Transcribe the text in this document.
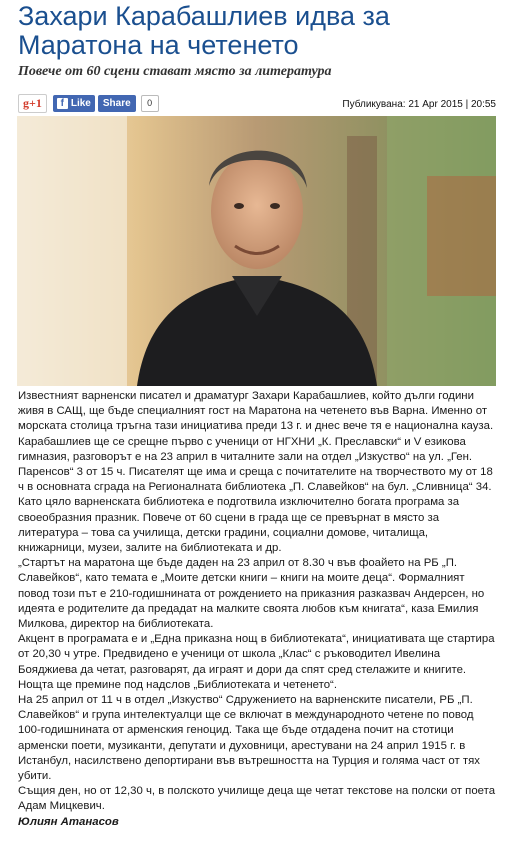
Захари Карабашлиев идва за Маратона на четенето
Повече от 60 сцени стават място за литература
g+1	f Like	Share	0	Публикувана: 21 Apr 2015 | 20:55

Известният варненски писател и драматург Захари Карабашлиев, който дълги години живя в САЩ, ще бъде специалният гост на Маратона на четенето във Варна. Именно от морската столица тръгна тази инициатива преди 13 г. и днес вече тя е национална кауза. Карабашлиев ще се срещне първо с ученици от НГХНИ „К. Преславски“ и V езикова гимназия, разговорът е на 23 април в читалните зали на отдел „Изкуство“ на ул. „Ген. Паренсов“ 3 от 15 ч. Писателят ще има и среща с почитателите на творчеството му от 18 ч в основната сграда на Регионалната библиотека „П. Славейков“ на бул. „Сливница“ 34.

Като цяло варненската библиотека е подготвила изключително богата програма за своеобразния празник. Повече от 60 сцени в града ще се превърнат в място за литература – това са училища, детски градини, социални домове, читалища, книжарници, музеи, залите на библиотеката и др.

„Стартът на маратона ще бъде даден на 23 април от 8.30 ч във фоайето на РБ „П. Славейков“, като темата е „Моите детски книги – книги на моите деца“. Формалният повод този път е 210-годишнината от рождението на приказния разказвач Андерсен, но идеята е родителите да предадат на малките своята любов към книгата“, каза Емилия Милкова, директор на библиотеката.

Акцент в програмата е и „Една приказна нощ в библиотеката“, инициативата ще стартира от 20,30 ч утре. Предвидено е ученици от школа „Клас“ с ръководител Ивелина Бояджиева да четат, разговарят, да играят и дори да спят сред стелажите и книгите. Нощта ще премине под надслов „Библиотеката и четенето“.

На 25 април от 11 ч в отдел „Изкуство“ Сдружението на варненските писатели, РБ „П. Славейков“ и група интелектуалци ще се включат в международното четене по повод 100-годишнината от арменския геноцид. Така ще бъде отдадена почит на стотици арменски поети, музиканти, депутати и духовници, арестувани на 24 април 1915 г. в Истанбул, насилствено депортирани във вътрешността на Турция и голяма част от тях убити.

Същия ден, но от 12,30 ч, в полското училище деца ще четат текстове на полски от поета Адам Мицкевич.

Юлиян Атанасов
